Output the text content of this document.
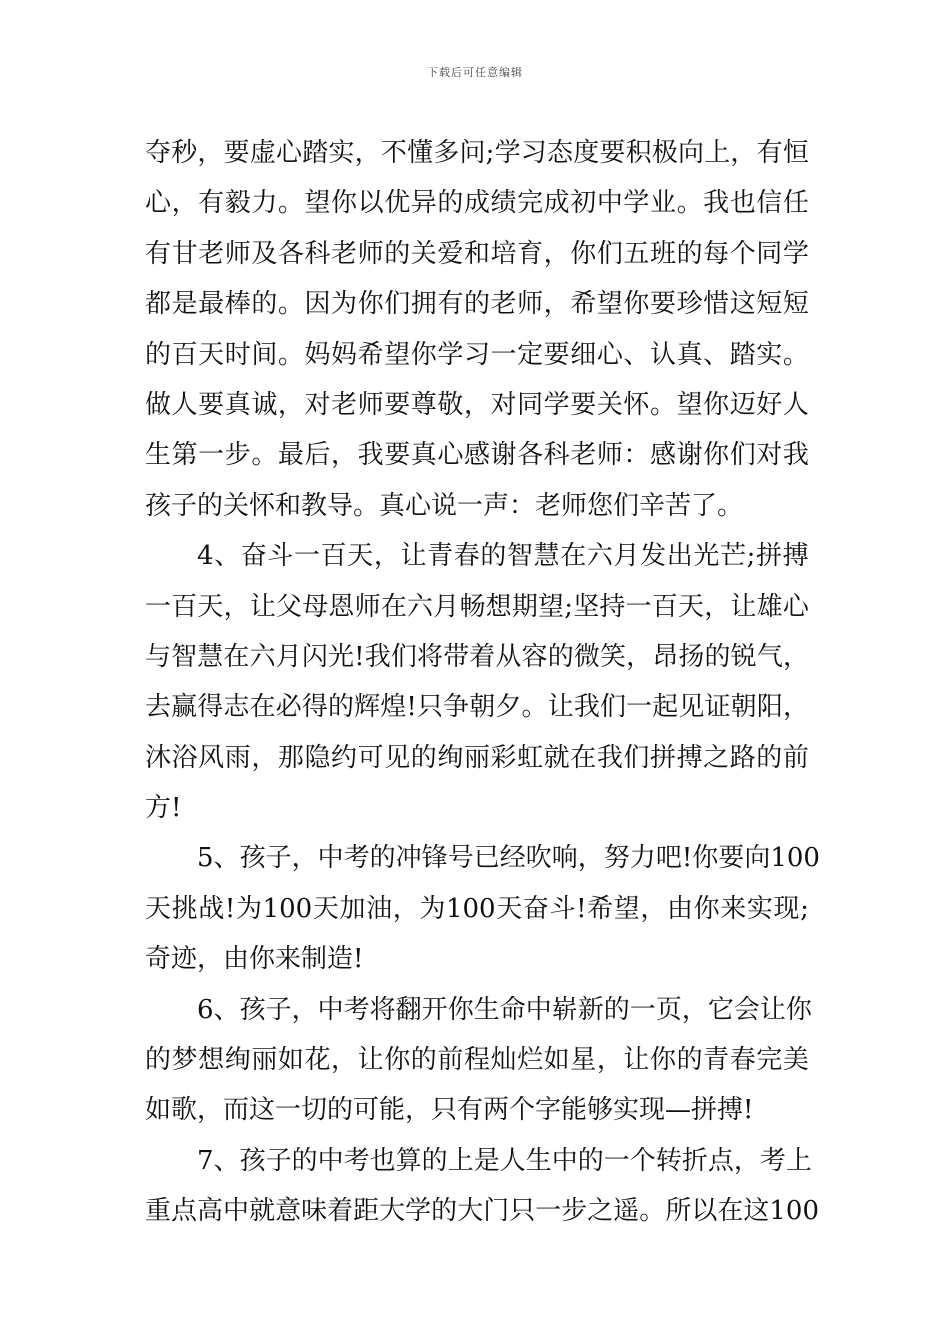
下载后可任意编辑
夺 秒 ， 要 虚 心 踏 实 ， 不 懂 多 问 ; 学 习 态 度 要 积 极 向 上 ， 有 恒
心 ， 有 毅 力 。 望 你 以 优 异 的 成 绩 完 成 初 中 学 业 。 我 也 信 任
有 甘 老 师 及 各 科 老 师 的 关 爱 和 培 育 ， 你 们 五 班 的 每 个 同 学
都 是 最 棒 的 。 因 为 你 们 拥 有 的 老 师 ， 希 望 你 要 珍 惜 这 短 短
的 百 天 时 间 。 妈 妈 希 望 你 学 习 一 定 要 细 心 、 认 真 、 踏 实 。
做 人 要 真 诚 ， 对 老 师 要 尊 敬 ， 对 同 学 要 关 怀 。 望 你 迈 好 人
生 第 一 步 。 最 后 ， 我 要 真 心 感 谢 各 科 老 师 ： 感 谢 你 们 对 我
孩子的关怀和教导。真心说一声：老师您们辛苦了。
4 、 奋 斗 一 百 天 ， 让 青 春 的 智 慧 在 六 月 发 出 光 芒 ; 拼 搏
一 百 天 ， 让 父 母 恩 师 在 六 月 畅 想 期 望 ; 坚 持 一 百 天 ， 让 雄 心
与 智 慧 在 六 月 闪 光 ! 我 们 将 带 着 从 容 的 微 笑 ， 昂 扬 的 锐 气 ，
去 赢 得 志 在 必 得 的 辉 煌 ! 只 争 朝 夕 。 让 我 们 一 起 见 证 朝 阳 ，
沐 浴 风 雨 ， 那 隐 约 可 见 的 绚 丽 彩 虹 就 在 我 们 拼 搏 之 路 的 前
方!
5 、 孩 子 ， 中 考 的 冲 锋 号 已 经 吹 响 ， 努 力 吧 ! 你 要 向 100
天 挑 战 ! 为 100 天 加 油 ， 为 100 天 奋 斗 ! 希 望 ， 由 你 来 实 现 ;
奇迹，由你来制造!
6 、 孩 子 ， 中 考 将 翻 开 你 生 命 中 崭 新 的 一 页 ， 它 会 让 你
的 梦 想 绚 丽 如 花 ， 让 你 的 前 程 灿 烂 如 星 ， 让 你 的 青 春 完 美
如歌，而这一切的可能，只有两个字能够实现—拼搏!
7 、 孩 子 的 中 考 也 算 的 上 是 人 生 中 的 一 个 转 折 点 ， 考 上
重 点 高 中 就 意 味 着 距 大 学 的 大 门 只 一 步 之 遥 。 所 以 在 这 100
